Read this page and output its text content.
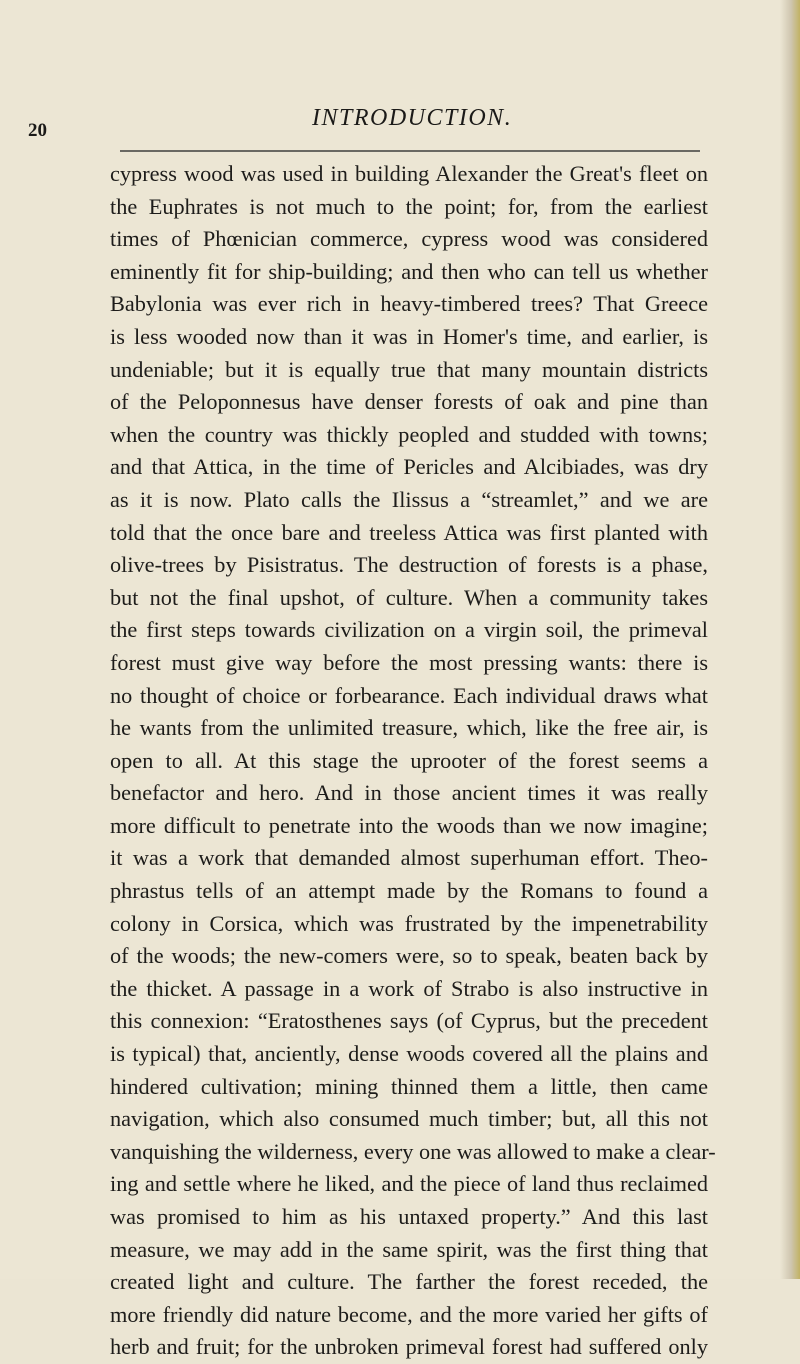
20	INTRODUCTION.
cypress wood was used in building Alexander the Great's fleet on
the Euphrates is not much to the point; for, from the earliest
times of Phœnician commerce, cypress wood was considered
eminently fit for ship-building; and then who can tell us whether
Babylonia was ever rich in heavy-timbered trees? That Greece
is less wooded now than it was in Homer's time, and earlier, is
undeniable; but it is equally true that many mountain districts
of the Peloponnesus have denser forests of oak and pine than
when the country was thickly peopled and studded with towns;
and that Attica, in the time of Pericles and Alcibiades, was dry
as it is now. Plato calls the Ilissus a “streamlet,” and we are
told that the once bare and treeless Attica was first planted with
olive-trees by Pisistratus. The destruction of forests is a phase,
but not the final upshot, of culture. When a community takes
the first steps towards civilization on a virgin soil, the primeval
forest must give way before the most pressing wants: there is
no thought of choice or forbearance. Each individual draws what
he wants from the unlimited treasure, which, like the free air, is
open to all. At this stage the uprooter of the forest seems a
benefactor and hero. And in those ancient times it was really
more difficult to penetrate into the woods than we now imagine;
it was a work that demanded almost superhuman effort. Theo-
phrastus tells of an attempt made by the Romans to found a
colony in Corsica, which was frustrated by the impenetrability
of the woods; the new-comers were, so to speak, beaten back by
the thicket. A passage in a work of Strabo is also instructive in
this connexion: “Eratosthenes says (of Cyprus, but the precedent
is typical) that, anciently, dense woods covered all the plains and
hindered cultivation; mining thinned them a little, then came
navigation, which also consumed much timber; but, all this not
vanquishing the wilderness, every one was allowed to make a clear-
ing and settle where he liked, and the piece of land thus reclaimed
was promised to him as his untaxed property.” And this last
measure, we may add in the same spirit, was the first thing that
created light and culture. The farther the forest receded, the
more friendly did nature become, and the more varied her gifts of
herb and fruit; for the unbroken primeval forest had suffered only
